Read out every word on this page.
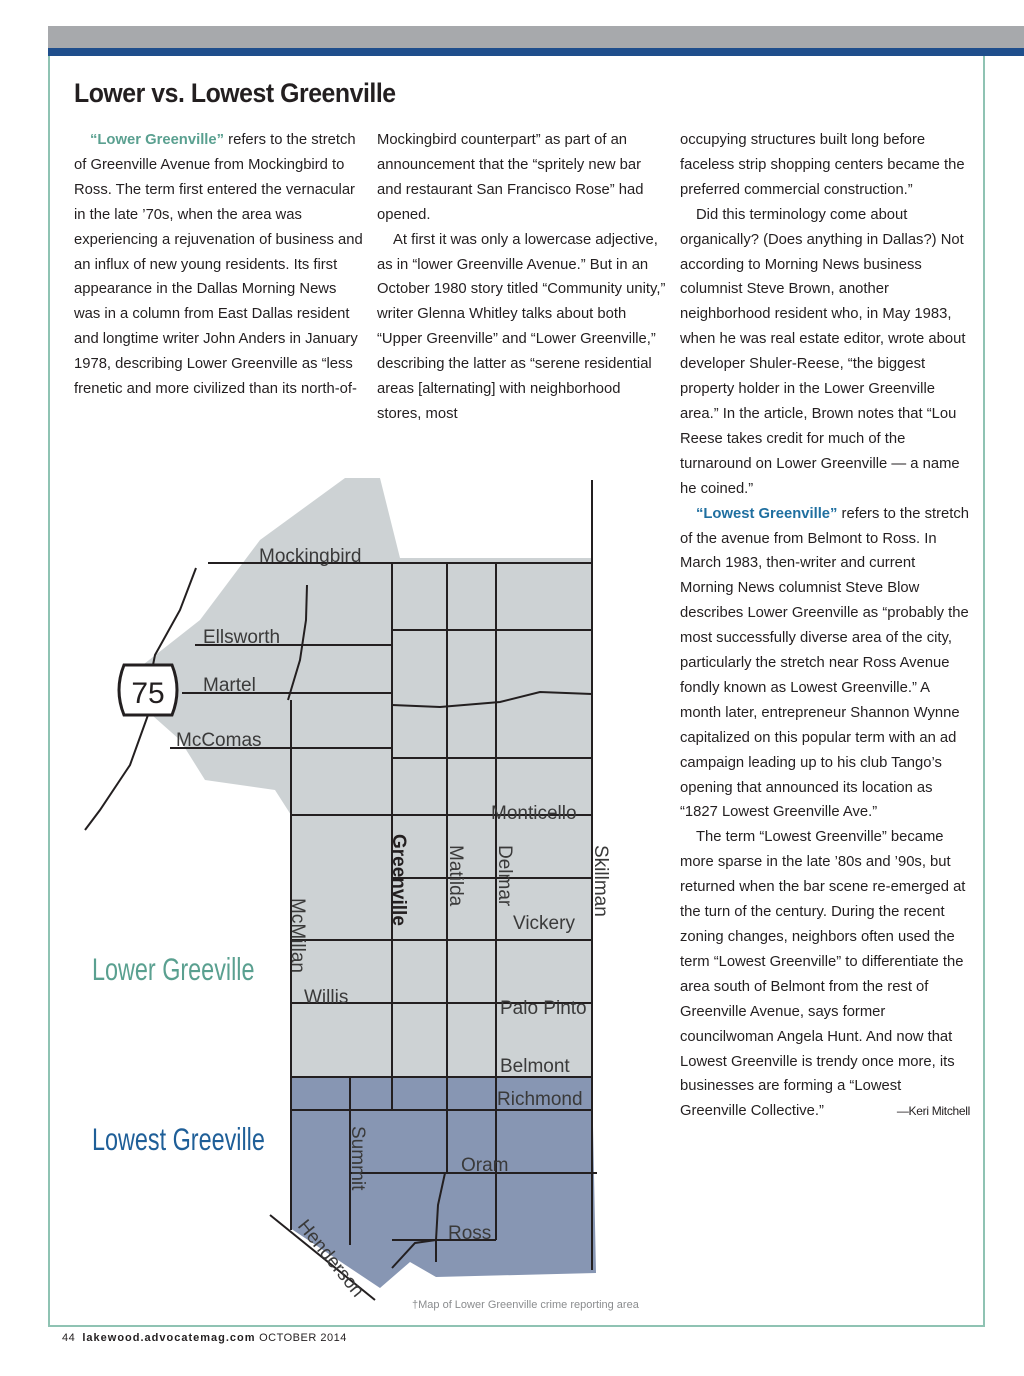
Lower vs. Lowest Greenville

“Lower Greenville” refers to the stretch of Greenville Avenue from Mockingbird to Ross. The term first entered the vernacular in the late ’70s, when the area was experiencing a rejuvenation of business and an influx of new young residents. Its first appearance in the Dallas Morning News was in a column from East Dallas resident and longtime writer John Anders in January 1978, describing Lower Greenville as “less frenetic and more civilized than its north-of-

Mockingbird counterpart” as part of an announcement that the “spritely new bar and restaurant San Francisco Rose” had opened.

At first it was only a lowercase adjective, as in “lower Greenville Avenue.” But in an October 1980 story titled “Community unity,” writer Glenna Whitley talks about both “Upper Greenville” and “Lower Greenville,” describing the latter as “serene residential areas [alternating] with neighborhood stores, most

occupying structures built long before faceless strip shopping centers became the preferred commercial construction.”

Did this terminology come about organically? (Does anything in Dallas?) Not according to Morning News business columnist Steve Brown, another neighborhood resident who, in May 1983, when he was real estate editor, wrote about developer Shuler-Reese, “the biggest property holder in the Lower Greenville area.” In the article, Brown notes that “Lou Reese takes credit for much of the turnaround on Lower Greenville — a name he coined.”

“Lowest Greenville” refers to the stretch of the avenue from Belmont to Ross. In March 1983, then-writer and current Morning News columnist Steve Blow describes Lower Greenville as “probably the most successfully diverse area of the city, particularly the stretch near Ross Avenue fondly known as Lowest Greenville.” A month later, entrepreneur Shannon Wynne capitalized on this popular term with an ad campaign leading up to his club Tango’s opening that announced its location as “1827 Lowest Greenville Ave.”

The term “Lowest Greenville” became more sparse in the late ’80s and ’90s, but returned when the bar scene re-emerged at the turn of the century. During the recent zoning changes, neighbors often used the term “Lowest Greenville” to differentiate the area south of Belmont from the rest of Greenville Avenue, says former councilwoman Angela Hunt. And now that Lowest Greenville is trendy once more, its businesses are forming a “Lowest Greenville Collective.”	—Keri Mitchell

75
Mockingbird
Ellsworth
Martel
McComas
Monticello
Vickery
Willis
Palo Pinto
Belmont
Richmond
Oram
Ross
Greenville Matilda Delmar	Skillman
McMillan
Summit
Henderson
Lower Greeville
Lowest Greeville
†Map of Lower Greenville crime reporting area
44 lakewood.advocatemag.com OCTOBER 2014
